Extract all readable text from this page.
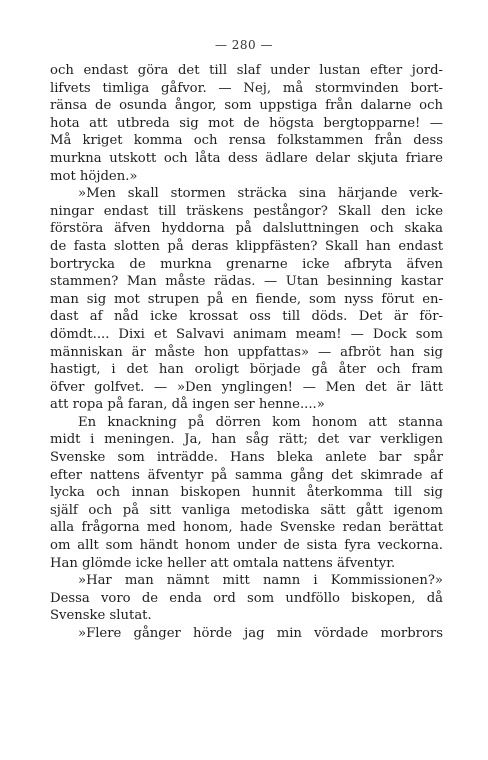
— 280 —
och endast göra det till slaf under lustan efter jord-
lifvets timliga gåfvor. — Nej, må stormvinden bort-
ränsa de osunda ångor, som uppstiga från dalarne och
hota att utbreda sig mot de högsta bergtopparne! —
Må kriget komma och rensa folkstammen från dess
murkna utskott och låta dess ädlare delar skjuta friare
mot höjden.»
»Men skall stormen sträcka sina härjande verk-
ningar endast till träskens pestångor? Skall den icke
förstöra äfven hyddorna på dalsluttningen och skaka
de fasta slotten på deras klippfästen? Skall han endast
bortrycka de murkna grenarne icke afbryta äfven
stammen? Man måste rädas. — Utan besinning kastar
man sig mot strupen på en fiende, som nyss förut en-
dast af nåd icke krossat oss till döds. Det är för-
dömdt.... Dixi et Salvavi animam meam! — Dock som
människan är måste hon uppfattas» — afbröt han sig
hastigt, i det han oroligt började gå åter och fram
öfver golfvet. — »Den ynglingen! — Men det är lätt
att ropa på faran, då ingen ser henne....»
En knackning på dörren kom honom att stanna
midt i meningen. Ja, han såg rätt; det var verkligen
Svenske som inträdde. Hans bleka anlete bar spår
efter nattens äfventyr på samma gång det skimrade af
lycka och innan biskopen hunnit återkomma till sig
själf och på sitt vanliga metodiska sätt gått igenom
alla frågorna med honom, hade Svenske redan berättat
om allt som händt honom under de sista fyra veckorna.
Han glömde icke heller att omtala nattens äfventyr.
»Har man nämnt mitt namn i Kommissionen?»
Dessa voro de enda ord som undföllo biskopen, då
Svenske slutat.
»Flere gånger hörde jag min vördade morbrors
